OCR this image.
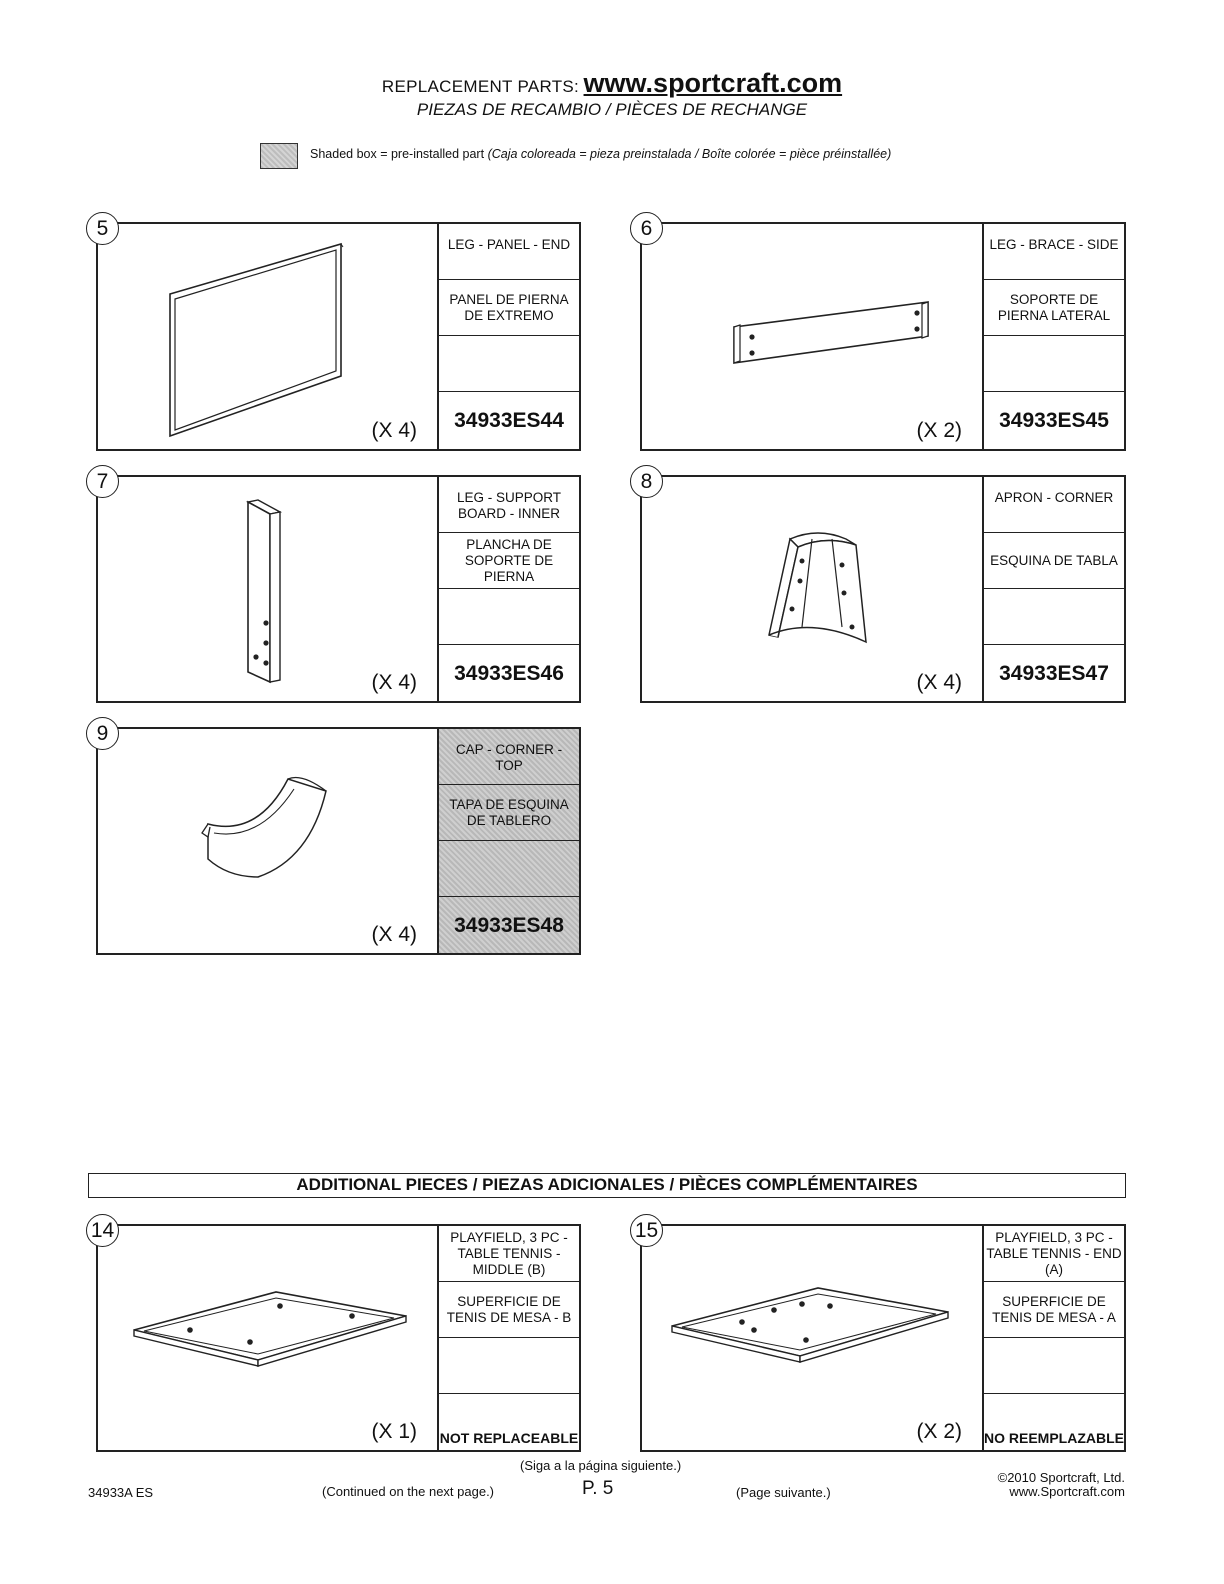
REPLACEMENT PARTS: www.sportcraft.com
PIEZAS DE RECAMBIO / PIÈCES DE RECHANGE
Shaded box = pre-installed part (Caja coloreada = pieza preinstalada / Boîte colorée = pièce préinstallée)
5
(X 4)
LEG - PANEL - END
PANEL DE PIERNA DE EXTREMO
34933ES44
6
(X 2)
LEG - BRACE - SIDE
SOPORTE DE PIERNA LATERAL
34933ES45
7
(X 4)
LEG - SUPPORT BOARD - INNER
PLANCHA DE SOPORTE DE PIERNA
34933ES46
8
(X 4)
APRON - CORNER
ESQUINA DE TABLA
34933ES47
9
(X 4)
CAP - CORNER - TOP
TAPA DE ESQUINA DE TABLERO
34933ES48
ADDITIONAL PIECES / PIEZAS ADICIONALES / PIÈCES COMPLÉMENTAIRES
14
(X 1)
PLAYFIELD, 3 PC - TABLE TENNIS - MIDDLE (B)
SUPERFICIE DE TENIS DE MESA - B
NOT REPLACEABLE
15
(X 2)
PLAYFIELD, 3 PC - TABLE TENNIS - END (A)
SUPERFICIE DE TENIS DE MESA - A
NO REEMPLAZABLE
34933A ES
(Siga a la página siguiente.)
(Continued on the next page.)	P. 5	(Page suivante.)
©2010 Sportcraft, Ltd.
www.Sportcraft.com
